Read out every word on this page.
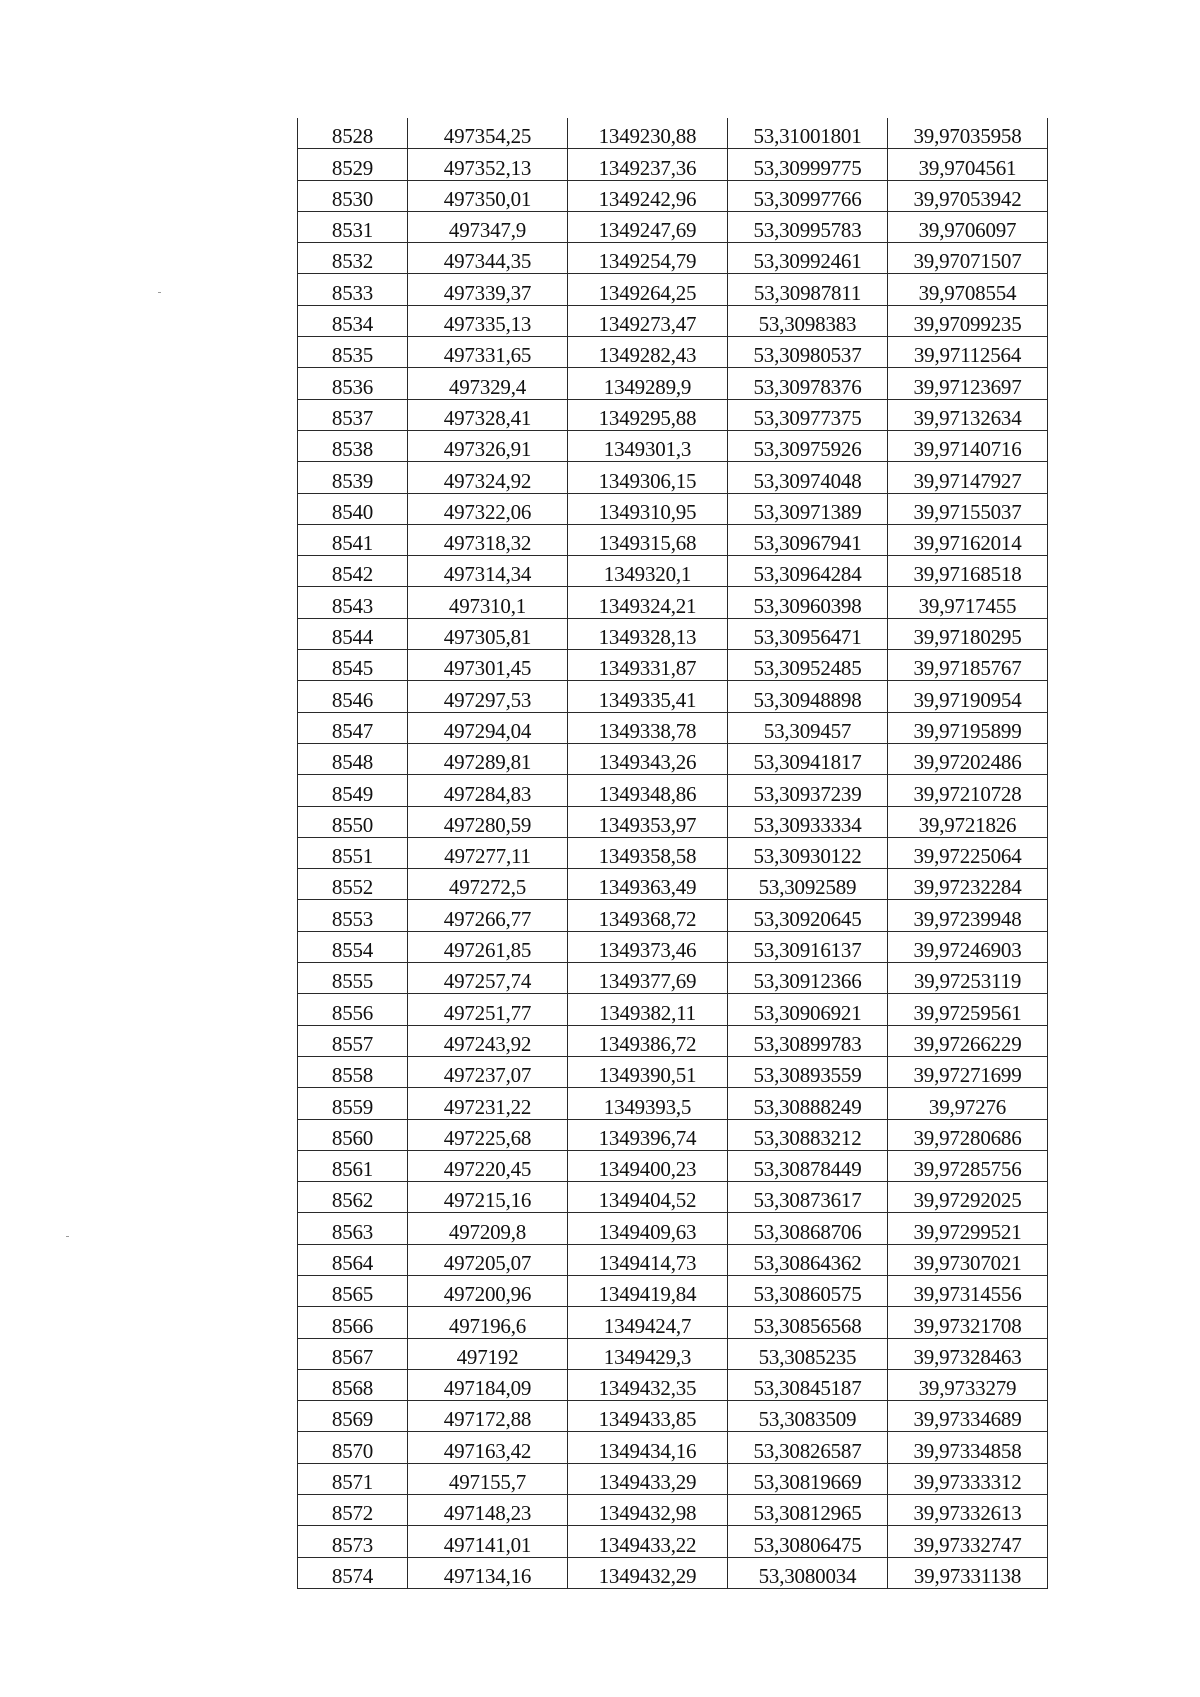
8528	497354,25	1349230,88	53,31001801	39,97035958
8529	497352,13	1349237,36	53,30999775	39,9704561
8530	497350,01	1349242,96	53,30997766	39,97053942
8531	497347,9	1349247,69	53,30995783	39,9706097
8532	497344,35	1349254,79	53,30992461	39,97071507
8533	497339,37	1349264,25	53,30987811	39,9708554
8534	497335,13	1349273,47	53,3098383	39,97099235
8535	497331,65	1349282,43	53,30980537	39,97112564
8536	497329,4	1349289,9	53,30978376	39,97123697
8537	497328,41	1349295,88	53,30977375	39,97132634
8538	497326,91	1349301,3	53,30975926	39,97140716
8539	497324,92	1349306,15	53,30974048	39,97147927
8540	497322,06	1349310,95	53,30971389	39,97155037
8541	497318,32	1349315,68	53,30967941	39,97162014
8542	497314,34	1349320,1	53,30964284	39,97168518
8543	497310,1	1349324,21	53,30960398	39,9717455
8544	497305,81	1349328,13	53,30956471	39,97180295
8545	497301,45	1349331,87	53,30952485	39,97185767
8546	497297,53	1349335,41	53,30948898	39,97190954
8547	497294,04	1349338,78	53,309457	39,97195899
8548	497289,81	1349343,26	53,30941817	39,97202486
8549	497284,83	1349348,86	53,30937239	39,97210728
8550	497280,59	1349353,97	53,30933334	39,9721826
8551	497277,11	1349358,58	53,30930122	39,97225064
8552	497272,5	1349363,49	53,3092589	39,97232284
8553	497266,77	1349368,72	53,30920645	39,97239948
8554	497261,85	1349373,46	53,30916137	39,97246903
8555	497257,74	1349377,69	53,30912366	39,97253119
8556	497251,77	1349382,11	53,30906921	39,97259561
8557	497243,92	1349386,72	53,30899783	39,97266229
8558	497237,07	1349390,51	53,30893559	39,97271699
8559	497231,22	1349393,5	53,30888249	39,97276
8560	497225,68	1349396,74	53,30883212	39,97280686
8561	497220,45	1349400,23	53,30878449	39,97285756
8562	497215,16	1349404,52	53,30873617	39,97292025
8563	497209,8	1349409,63	53,30868706	39,97299521
8564	497205,07	1349414,73	53,30864362	39,97307021
8565	497200,96	1349419,84	53,30860575	39,97314556
8566	497196,6	1349424,7	53,30856568	39,97321708
8567	497192	1349429,3	53,3085235	39,97328463
8568	497184,09	1349432,35	53,30845187	39,9733279
8569	497172,88	1349433,85	53,3083509	39,97334689
8570	497163,42	1349434,16	53,30826587	39,97334858
8571	497155,7	1349433,29	53,30819669	39,97333312
8572	497148,23	1349432,98	53,30812965	39,97332613
8573	497141,01	1349433,22	53,30806475	39,97332747
8574	497134,16	1349432,29	53,3080034	39,97331138
